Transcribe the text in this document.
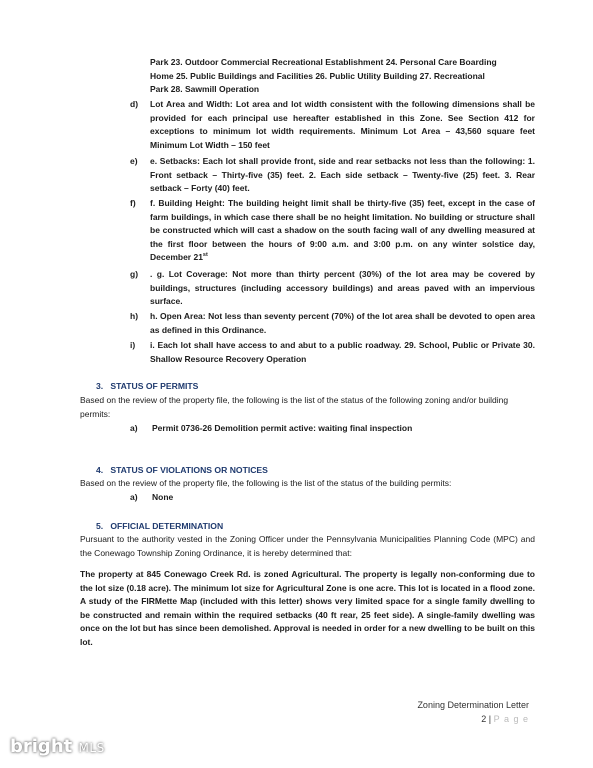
Park 23. Outdoor Commercial Recreational Establishment 24. Personal Care Boarding
Home 25. Public Buildings and Facilities 26. Public Utility Building 27. Recreational
Park 28. Sawmill Operation
d) Lot Area and Width: Lot area and lot width consistent with the following dimensions shall be provided for each principal use hereafter established in this Zone. See Section 412 for exceptions to minimum lot width requirements. Minimum Lot Area – 43,560 square feet Minimum Lot Width – 150 feet
e) e. Setbacks: Each lot shall provide front, side and rear setbacks not less than the following: 1. Front setback – Thirty-five (35) feet. 2. Each side setback – Twenty-five (25) feet. 3. Rear setback – Forty (40) feet.
f) f. Building Height: The building height limit shall be thirty-five (35) feet, except in the case of farm buildings, in which case there shall be no height limitation. No building or structure shall be constructed which will cast a shadow on the south facing wall of any dwelling measured at the first floor between the hours of 9:00 a.m. and 3:00 p.m. on any winter solstice day, December 21st
g) . g. Lot Coverage: Not more than thirty percent (30%) of the lot area may be covered by buildings, structures (including accessory buildings) and areas paved with an impervious surface.
h) h. Open Area: Not less than seventy percent (70%) of the lot area shall be devoted to open area as defined in this Ordinance.
i) i. Each lot shall have access to and abut to a public roadway. 29. School, Public or Private 30. Shallow Resource Recovery Operation
3. STATUS OF PERMITS
Based on the review of the property file, the following is the list of the status of the following zoning and/or building permits:
a) Permit 0736-26 Demolition permit active: waiting final inspection
4. STATUS OF VIOLATIONS OR NOTICES
Based on the review of the property file, the following is the list of the status of the building permits:
a) None
5. OFFICIAL DETERMINATION
Pursuant to the authority vested in the Zoning Officer under the Pennsylvania Municipalities Planning Code (MPC) and the Conewago Township Zoning Ordinance, it is hereby determined that:
The property at 845 Conewago Creek Rd. is zoned Agricultural. The property is legally non-conforming due to the lot size (0.18 acre). The minimum lot size for Agricultural Zone is one acre. This lot is located in a flood zone. A study of the FIRMette Map (included with this letter) shows very limited space for a single family dwelling to be constructed and remain within the required setbacks (40 ft rear, 25 feet side). A single-family dwelling was once on the lot but has since been demolished. Approval is needed in order for a new dwelling to be built on this lot.
Zoning Determination Letter
2 | P a g e
bright MLS
